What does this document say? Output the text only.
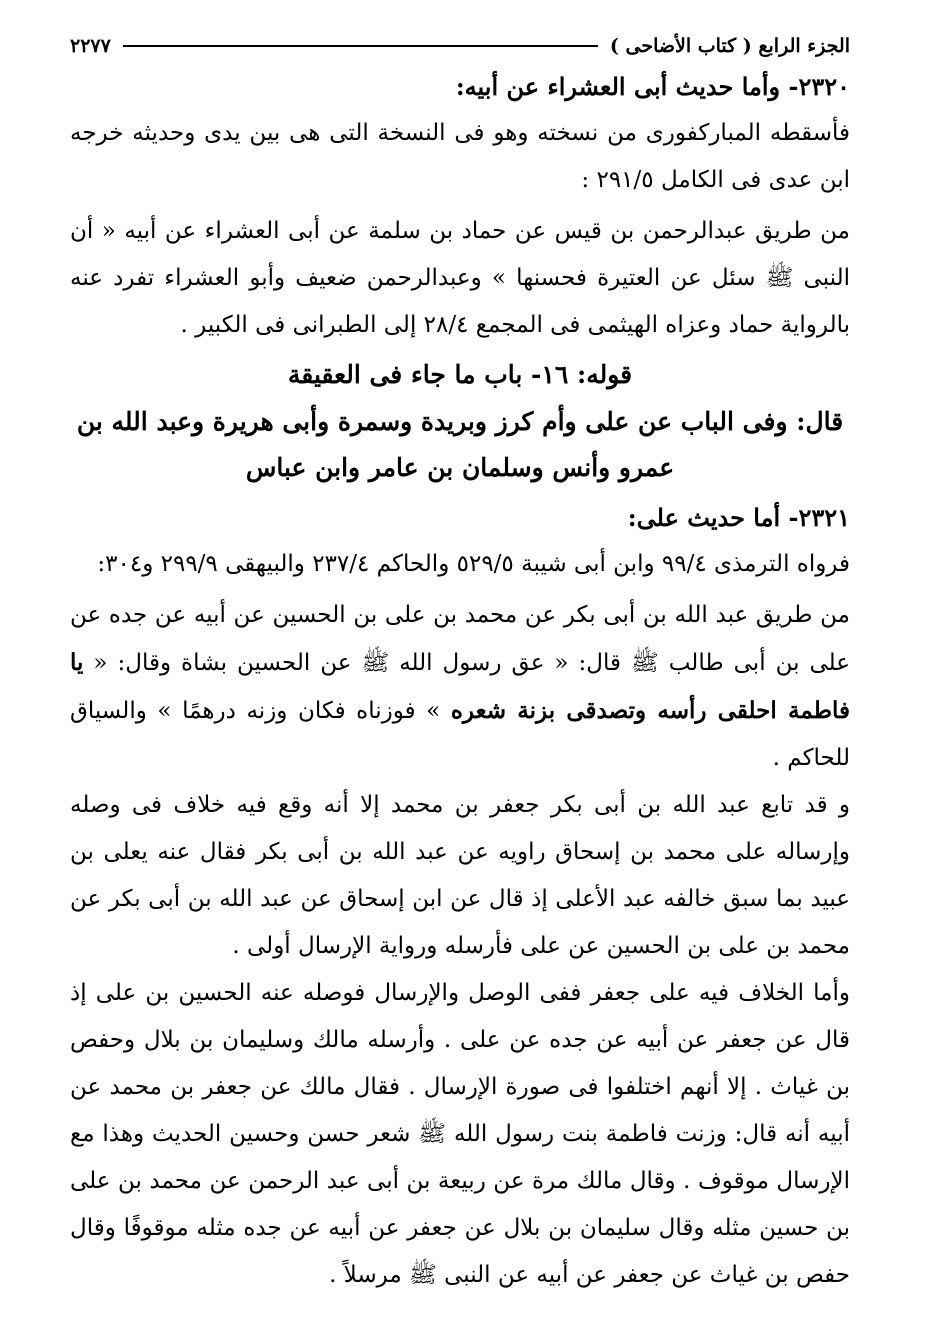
الجزء الرابع ( كتاب الأضاحى )
٢٢٧٧

٢٣٢٠- وأما حديث أبى العشراء عن أبيه:

فأسقطه المباركفورى من نسخته وهو فى النسخة التى هى بين يدى وحديثه خرجه ابن عدى فى الكامل ٢٩١/٥ :

من طريق عبدالرحمن بن قيس عن حماد بن سلمة عن أبى العشراء عن أبيه « أن النبى ﷺ سئل عن العتيرة فحسنها » وعبدالرحمن ضعيف وأبو العشراء تفرد عنه بالرواية حماد وعزاه الهيثمى فى المجمع ٢٨/٤ إلى الطبرانى فى الكبير .

قوله: ١٦- باب ما جاء فى العقيقة

قال: وفى الباب عن على وأم كرز وبريدة وسمرة وأبى هريرة وعبد الله بن عمرو وأنس وسلمان بن عامر وابن عباس

٢٣٢١- أما حديث على:

فرواه الترمذى ٩٩/٤ وابن أبى شيبة ٥٢٩/٥ والحاكم ٢٣٧/٤ والبيهقى ٢٩٩/٩ و٣٠٤:

من طريق عبد الله بن أبى بكر عن محمد بن على بن الحسين عن أبيه عن جده عن على بن أبى طالب ﷺ قال: « عق رسول الله ﷺ عن الحسين بشاة وقال: « يا فاطمة احلقى رأسه وتصدقى بزنة شعره » فوزناه فكان وزنه درهمًا » والسياق للحاكم .

و قد تابع عبد الله بن أبى بكر جعفر بن محمد إلا أنه وقع فيه خلاف فى وصله وإرساله على محمد بن إسحاق راويه عن عبد الله بن أبى بكر فقال عنه يعلى بن عبيد بما سبق خالفه عبد الأعلى إذ قال عن ابن إسحاق عن عبد الله بن أبى بكر عن محمد بن على بن الحسين عن على فأرسله ورواية الإرسال أولى .

وأما الخلاف فيه على جعفر ففى الوصل والإرسال فوصله عنه الحسين بن على إذ قال عن جعفر عن أبيه عن جده عن على . وأرسله مالك وسليمان بن بلال وحفص بن غياث . إلا أنهم اختلفوا فى صورة الإرسال . فقال مالك عن جعفر بن محمد عن أبيه أنه قال: وزنت فاطمة بنت رسول الله ﷺ شعر حسن وحسين الحديث وهذا مع الإرسال موقوف . وقال مالك مرة عن ربيعة بن أبى عبد الرحمن عن محمد بن على بن حسين مثله وقال سليمان بن بلال عن جعفر عن أبيه عن جده مثله موقوفًا وقال حفص بن غياث عن جعفر عن أبيه عن النبى ﷺ مرسلاً .
